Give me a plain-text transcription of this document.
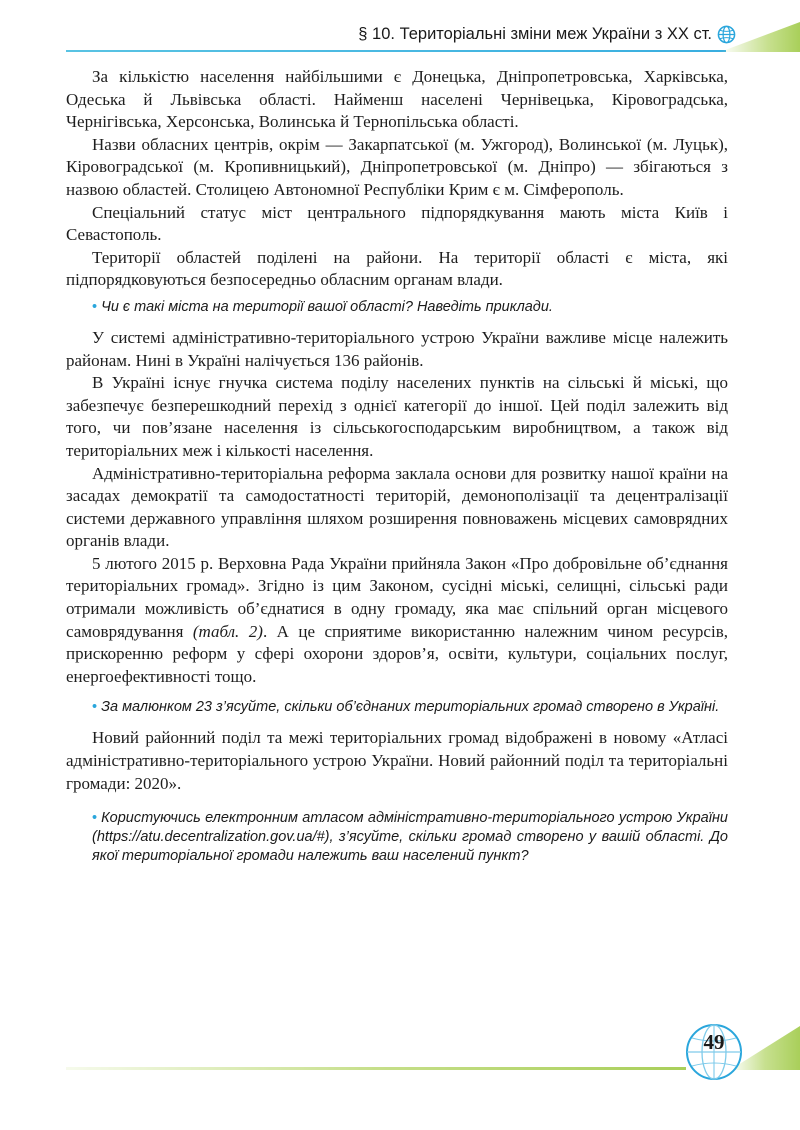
§ 10. Територіальні зміни меж України з ХХ ст.

За кількістю населення найбільшими є Донецька, Дніпропетровська, Харківська, Одеська й Львівська області. Найменш населені Чернівецька, Кіровоградська, Чернігівська, Херсонська, Волинська й Тернопільська області.

Назви обласних центрів, окрім — Закарпатської (м. Ужгород), Волинської (м. Луцьк), Кіровоградської (м. Кропивницький), Дніпропетровської (м. Дніпро) — збігаються з назвою областей. Столицею Автономної Республіки Крим є м. Сімферополь.

Спеціальний статус міст центрального підпорядкування мають міста Київ і Севастополь.

Території областей поділені на райони. На території області є міста, які підпорядковуються безпосередньо обласним органам влади.

• Чи є такі міста на території вашої області? Наведіть приклади.

У системі адміністративно-територіального устрою України важливе місце належить районам. Нині в Україні налічується 136 районів.

В Україні існує гнучка система поділу населених пунктів на сільські й міські, що забезпечує безперешкодний перехід з однієї категорії до іншої. Цей поділ залежить від того, чи пов’язане населення із сільськогосподарським виробництвом, а також від територіальних меж і кількості населення.

Адміністративно-територіальна реформа заклала основи для розвитку нашої країни на засадах демократії та самодостатності територій, демонополізації та децентралізації системи державного управління шляхом розширення повноважень місцевих самоврядних органів влади.

5 лютого 2015 р. Верховна Рада України прийняла Закон «Про добровільне об’єднання територіальних громад». Згідно із цим Законом, сусідні міські, селищні, сільські ради отримали можливість об’єднатися в одну громаду, яка має спільний орган місцевого самоврядування (табл. 2). А це сприятиме використанню належним чином ресурсів, прискоренню реформ у сфері охорони здоров’я, освіти, культури, соціальних послуг, енергоефективності тощо.

• За малюнком 23 з’ясуйте, скільки об’єднаних територіальних громад створено в Україні.

Новий районний поділ та межі територіальних громад відображені в новому «Атласі адміністративно-територіального устрою України. Новий районний поділ та територіальні громади: 2020».

• Користуючись електронним атласом адміністративно-територіального устрою України (https://atu.decentralization.gov.ua/#), з’ясуйте, скільки громад створено у вашій області. До якої територіальної громади належить ваш населений пункт?

49
